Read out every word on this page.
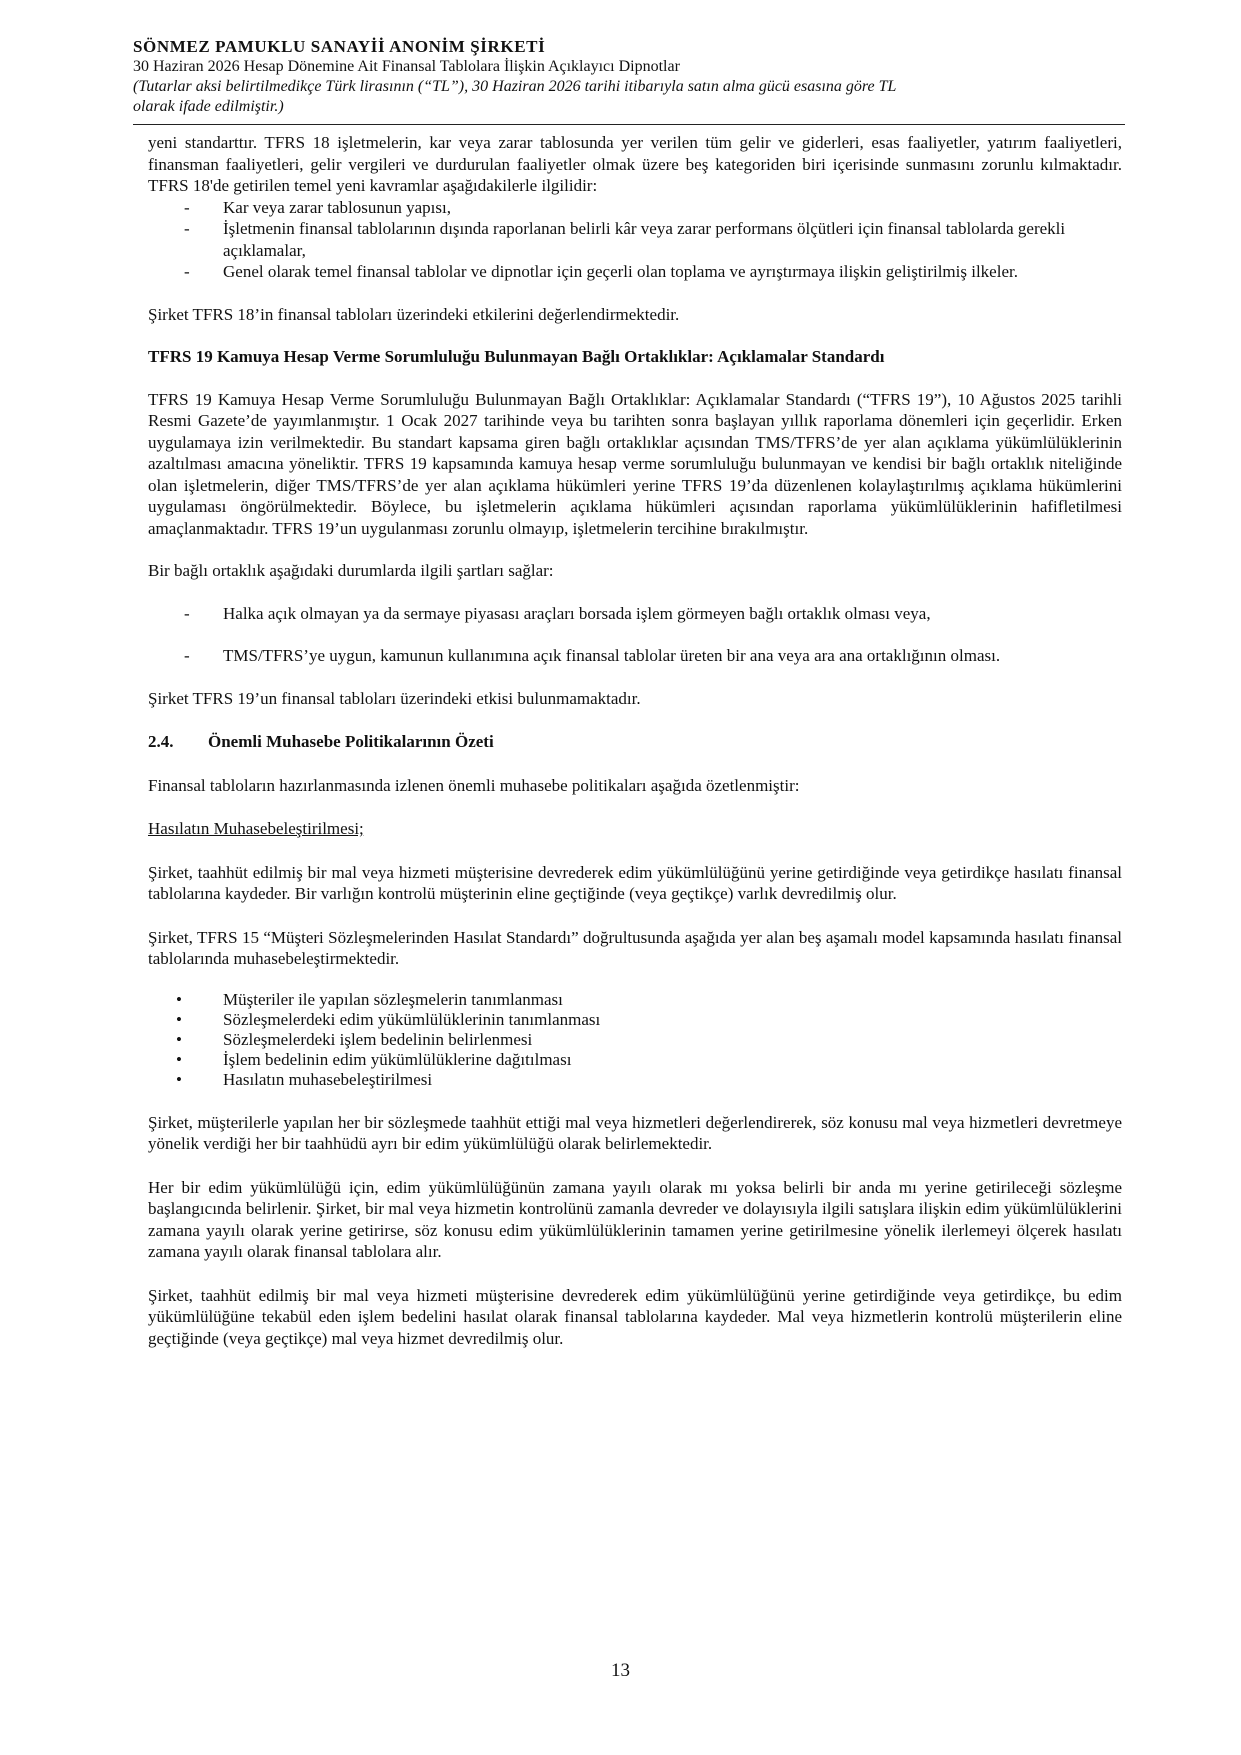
SÖNMEZ PAMUKLU SANAYİİ ANONİM ŞİRKETİ
30 Haziran 2026 Hesap Dönemine Ait Finansal Tablolara İlişkin Açıklayıcı Dipnotlar
(Tutarlar aksi belirtilmedikçe Türk lirasının (“TL”), 30 Haziran 2026 tarihi itibarıyla satın alma gücü esasına göre TL
olarak ifade edilmiştir.)

yeni standarttır. TFRS 18 işletmelerin, kar veya zarar tablosunda yer verilen tüm gelir ve giderleri, esas faaliyetler, yatırım faaliyetleri, finansman faaliyetleri, gelir vergileri ve durdurulan faaliyetler olmak üzere beş kategoriden biri içerisinde sunmasını zorunlu kılmaktadır. TFRS 18'de getirilen temel yeni kavramlar aşağıdakilerle ilgilidir:

- Kar veya zarar tablosunun yapısı,
- İşletmenin finansal tablolarının dışında raporlanan belirli kâr veya zarar performans ölçütleri için finansal tablolarda gerekli açıklamalar,
- Genel olarak temel finansal tablolar ve dipnotlar için geçerli olan toplama ve ayrıştırmaya ilişkin geliştirilmiş ilkeler.

Şirket TFRS 18’in finansal tabloları üzerindeki etkilerini değerlendirmektedir.

TFRS 19 Kamuya Hesap Verme Sorumluluğu Bulunmayan Bağlı Ortaklıklar: Açıklamalar Standardı

TFRS 19 Kamuya Hesap Verme Sorumluluğu Bulunmayan Bağlı Ortaklıklar: Açıklamalar Standardı (“TFRS 19”), 10 Ağustos 2025 tarihli Resmi Gazete’de yayımlanmıştır. 1 Ocak 2027 tarihinde veya bu tarihten sonra başlayan yıllık raporlama dönemleri için geçerlidir. Erken uygulamaya izin verilmektedir. Bu standart kapsama giren bağlı ortaklıklar açısından TMS/TFRS’de yer alan açıklama yükümlülüklerinin azaltılması amacına yöneliktir. TFRS 19 kapsamında kamuya hesap verme sorumluluğu bulunmayan ve kendisi bir bağlı ortaklık niteliğinde olan işletmelerin, diğer TMS/TFRS’de yer alan açıklama hükümleri yerine TFRS 19’da düzenlenen kolaylaştırılmış açıklama hükümlerini uygulaması öngörülmektedir. Böylece, bu işletmelerin açıklama hükümleri açısından raporlama yükümlülüklerinin hafifletilmesi amaçlanmaktadır. TFRS 19’un uygulanması zorunlu olmayıp, işletmelerin tercihine bırakılmıştır.

Bir bağlı ortaklık aşağıdaki durumlarda ilgili şartları sağlar:

- Halka açık olmayan ya da sermaye piyasası araçları borsada işlem görmeyen bağlı ortaklık olması veya,
- TMS/TFRS’ye uygun, kamunun kullanımına açık finansal tablolar üreten bir ana veya ara ana ortaklığının olması.

Şirket TFRS 19’un finansal tabloları üzerindeki etkisi bulunmamaktadır.

2.4. Önemli Muhasebe Politikalarının Özeti

Finansal tabloların hazırlanmasında izlenen önemli muhasebe politikaları aşağıda özetlenmiştir:

Hasılatın Muhasebeleştirilmesi;

Şirket, taahhüt edilmiş bir mal veya hizmeti müşterisine devrederek edim yükümlülüğünü yerine getirdiğinde veya getirdikçe hasılatı finansal tablolarına kaydeder. Bir varlığın kontrolü müşterinin eline geçtiğinde (veya geçtikçe) varlık devredilmiş olur.

Şirket, TFRS 15 “Müşteri Sözleşmelerinden Hasılat Standardı” doğrultusunda aşağıda yer alan beş aşamalı model kapsamında hasılatı finansal tablolarında muhasebeleştirmektedir.

• Müşteriler ile yapılan sözleşmelerin tanımlanması
• Sözleşmelerdeki edim yükümlülüklerinin tanımlanması
• Sözleşmelerdeki işlem bedelinin belirlenmesi
• İşlem bedelinin edim yükümlülüklerine dağıtılması
• Hasılatın muhasebeleştirilmesi

Şirket, müşterilerle yapılan her bir sözleşmede taahhüt ettiği mal veya hizmetleri değerlendirerek, söz konusu mal veya hizmetleri devretmeye yönelik verdiği her bir taahhüdü ayrı bir edim yükümlülüğü olarak belirlemektedir.

Her bir edim yükümlülüğü için, edim yükümlülüğünün zamana yayılı olarak mı yoksa belirli bir anda mı yerine getirileceği sözleşme başlangıcında belirlenir. Şirket, bir mal veya hizmetin kontrolünü zamanla devreder ve dolayısıyla ilgili satışlara ilişkin edim yükümlülüklerini zamana yayılı olarak yerine getirirse, söz konusu edim yükümlülüklerinin tamamen yerine getirilmesine yönelik ilerlemeyi ölçerek hasılatı zamana yayılı olarak finansal tablolara alır.

Şirket, taahhüt edilmiş bir mal veya hizmeti müşterisine devrederek edim yükümlülüğünü yerine getirdiğinde veya getirdikçe, bu edim yükümlülüğüne tekabül eden işlem bedelini hasılat olarak finansal tablolarına kaydeder. Mal veya hizmetlerin kontrolü müşterilerin eline geçtiğinde (veya geçtikçe) mal veya hizmet devredilmiş olur.

13
